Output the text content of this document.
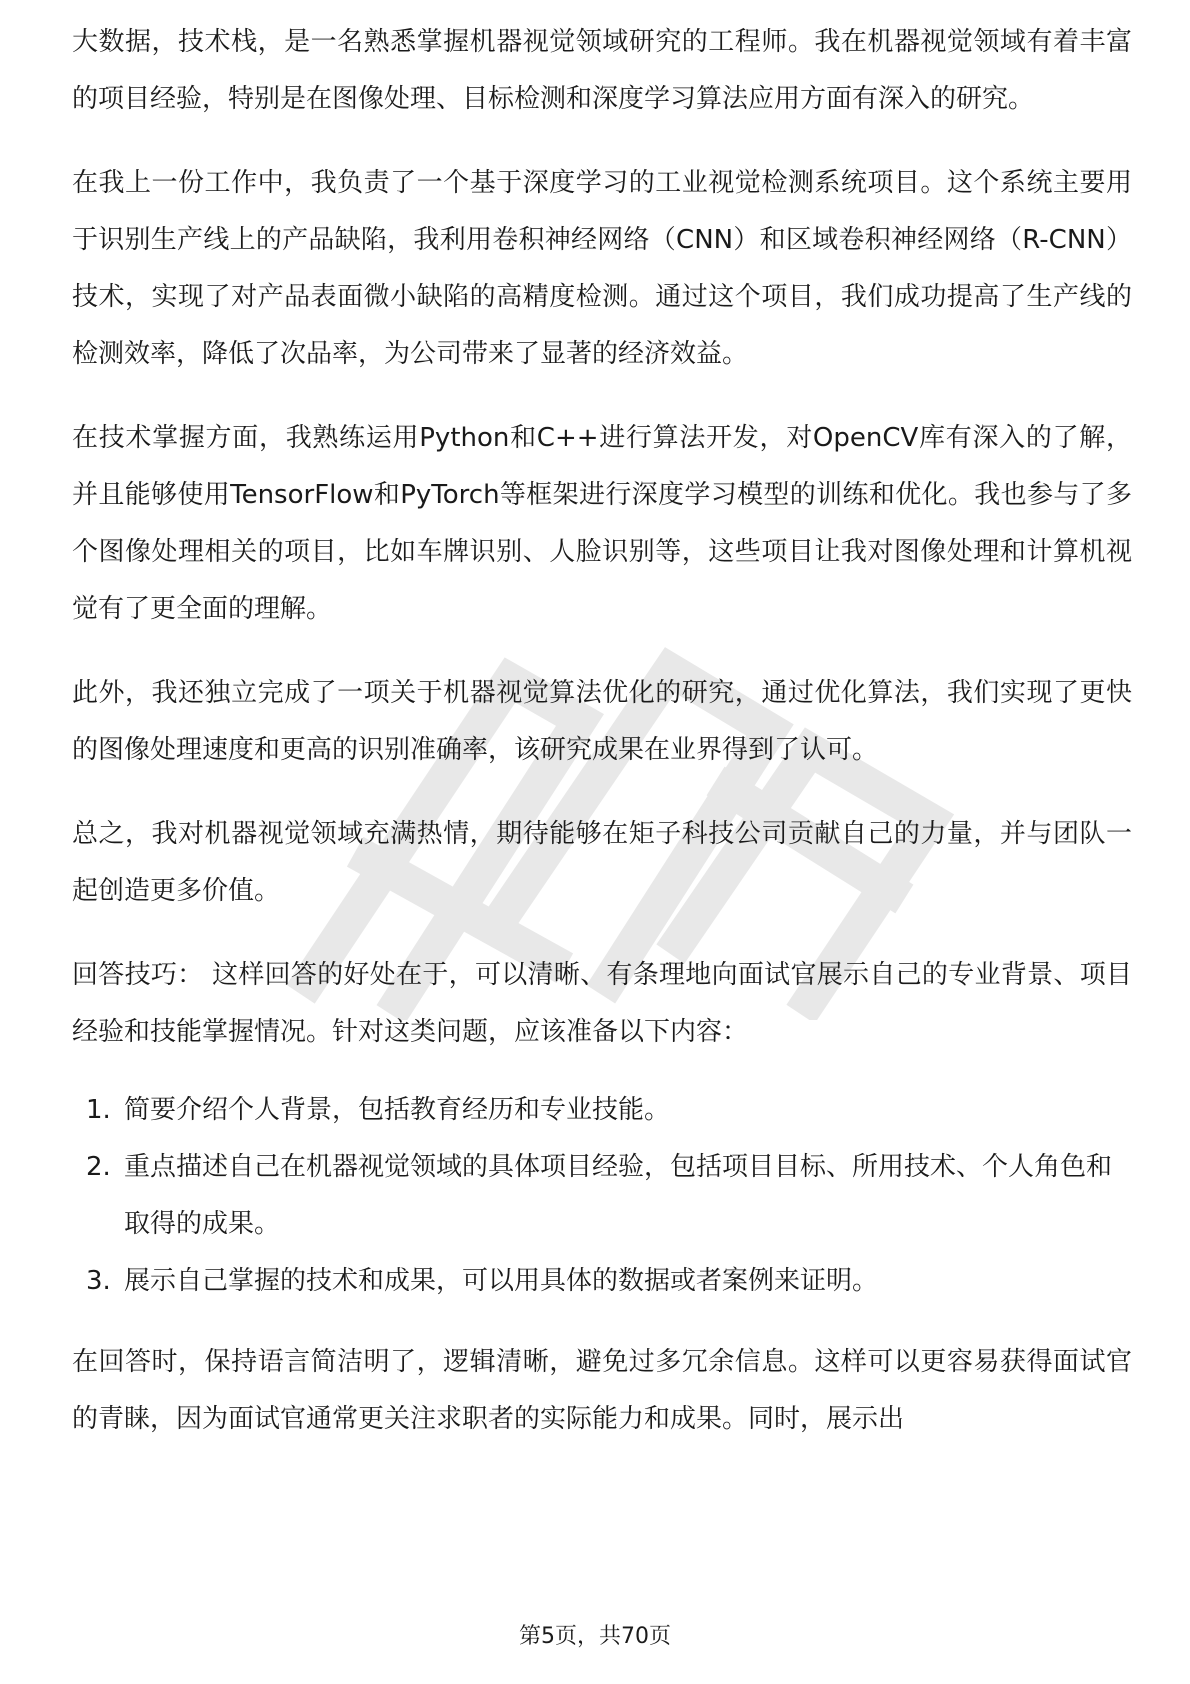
大数据，技术栈，是一名熟悉掌握机器视觉领域研究的工程师。我在机器视觉领域有着丰富的项目经验，特别是在图像处理、目标检测和深度学习算法应用方面有深入的研究。

在我上一份工作中，我负责了一个基于深度学习的工业视觉检测系统项目。这个系统主要用于识别生产线上的产品缺陷，我利用卷积神经网络（CNN）和区域卷积神经网络（R-CNN）技术，实现了对产品表面微小缺陷的高精度检测。通过这个项目，我们成功提高了生产线的检测效率，降低了次品率，为公司带来了显著的经济效益。

在技术掌握方面，我熟练运用Python和C++进行算法开发，对OpenCV库有深入的了解，并且能够使用TensorFlow和PyTorch等框架进行深度学习模型的训练和优化。我也参与了多个图像处理相关的项目，比如车牌识别、人脸识别等，这些项目让我对图像处理和计算机视觉有了更全面的理解。

此外，我还独立完成了一项关于机器视觉算法优化的研究，通过优化算法，我们实现了更快的图像处理速度和更高的识别准确率，该研究成果在业界得到了认可。

总之，我对机器视觉领域充满热情，期待能够在矩子科技公司贡献自己的力量，并与团队一起创造更多价值。

回答技巧： 这样回答的好处在于，可以清晰、有条理地向面试官展示自己的专业背景、项目经验和技能掌握情况。针对这类问题，应该准备以下内容：

1. 简要介绍个人背景，包括教育经历和专业技能。
2. 重点描述自己在机器视觉领域的具体项目经验，包括项目目标、所用技术、个人角色和取得的成果。
3. 展示自己掌握的技术和成果，可以用具体的数据或者案例来证明。

在回答时，保持语言简洁明了，逻辑清晰，避免过多冗余信息。这样可以更容易获得面试官的青睐，因为面试官通常更关注求职者的实际能力和成果。同时，展示出

第5页，共70页
